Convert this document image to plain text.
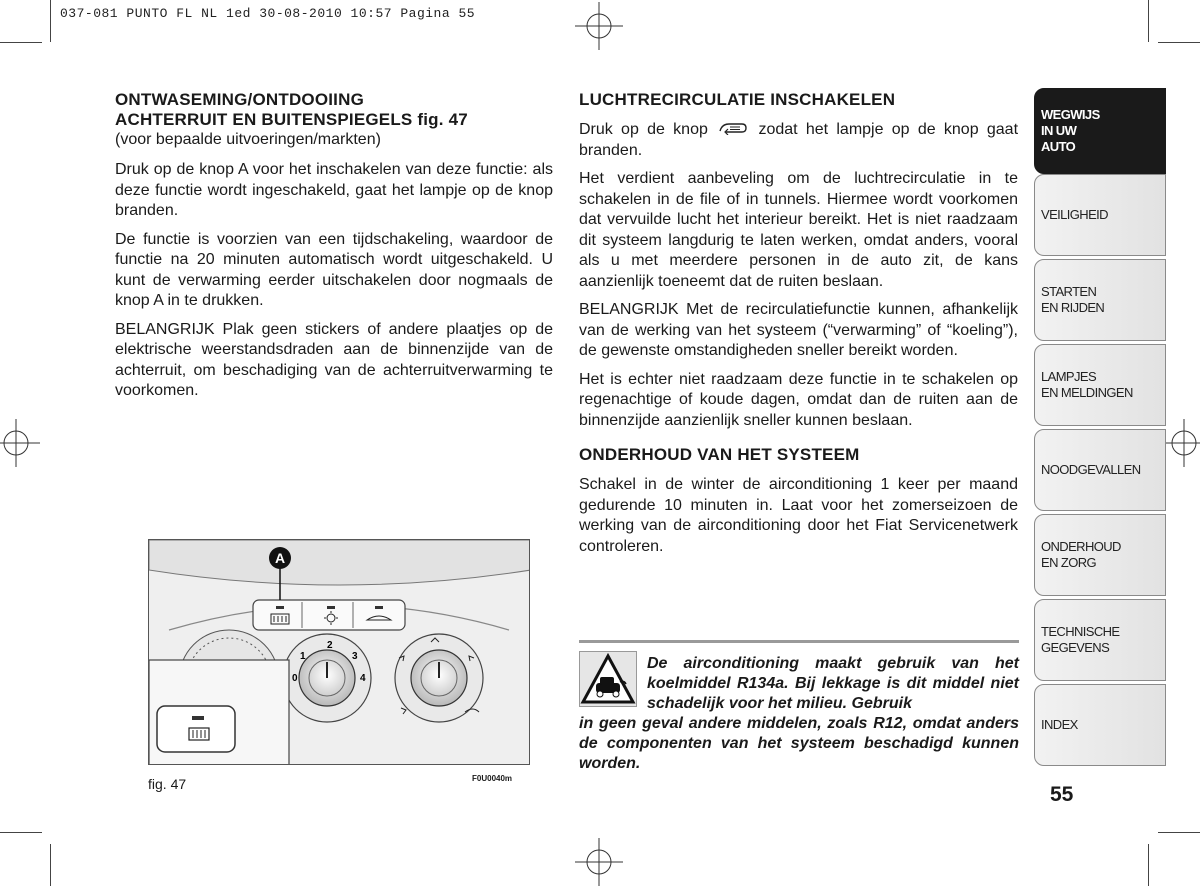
037-081 PUNTO FL NL 1ed 30-08-2010 10:57 Pagina 55
ONTWASEMING/ONTDOOIING
ACHTERRUIT EN BUITENSPIEGELS fig. 47
(voor bepaalde uitvoeringen/markten)

Druk op de knop A voor het inschakelen van deze functie: als deze functie wordt ingeschakeld, gaat het lampje op de knop branden.

De functie is voorzien van een tijdschakeling, waardoor de functie na 20 minuten automatisch wordt uitgeschakeld. U kunt de verwarming eerder uitschakelen door nogmaals de knop A in te drukken.

BELANGRIJK Plak geen stickers of andere plaatjes op de elektrische weerstandsdraden aan de binnenzijde van de achterruit, om beschadiging van de achterruitverwarming te voorkomen.

LUCHTRECIRCULATIE INSCHAKELEN

Druk op de knop	zodat het lampje op de knop gaat branden.

Het verdient aanbeveling om de luchtrecirculatie in te schakelen in de file of in tunnels. Hiermee wordt voorkomen dat vervuilde lucht het interieur bereikt. Het is niet raadzaam dit systeem langdurig te laten werken, omdat anders, vooral als u met meerdere personen in de auto zit, de kans aanzienlijk toeneemt dat de ruiten beslaan.

BELANGRIJK Met de recirculatiefunctie kunnen, afhankelijk van de werking van het systeem (“verwarming” of “koeling”), de gewenste omstandigheden sneller bereikt worden.

Het is echter niet raadzaam deze functie in te schakelen op regenachtige of koude dagen, omdat dan de ruiten aan de binnenzijde aanzienlijk sneller kunnen beslaan.

ONDERHOUD VAN HET SYSTEEM

Schakel in de winter de airconditioning 1 keer per maand gedurende 10 minuten in. Laat voor het zomerseizoen de werking van de airconditioning door het Fiat Servicenetwerk controleren.

De airconditioning maakt gebruik van het koelmiddel R134a. Bij lekkage is dit middel niet schadelijk voor het milieu. Gebruik
in geen geval andere middelen, zoals R12, omdat anders de componenten van het systeem beschadigd kunnen worden.
A
0
1
2
3
4
fig. 47	F0U0040m
WEGWIJS
IN UW
AUTO
VEILIGHEID
STARTEN
EN RIJDEN
LAMPJES
EN MELDINGEN
NOODGEVALLEN
ONDERHOUD
EN ZORG
TECHNISCHE
GEGEVENS
INDEX
55
